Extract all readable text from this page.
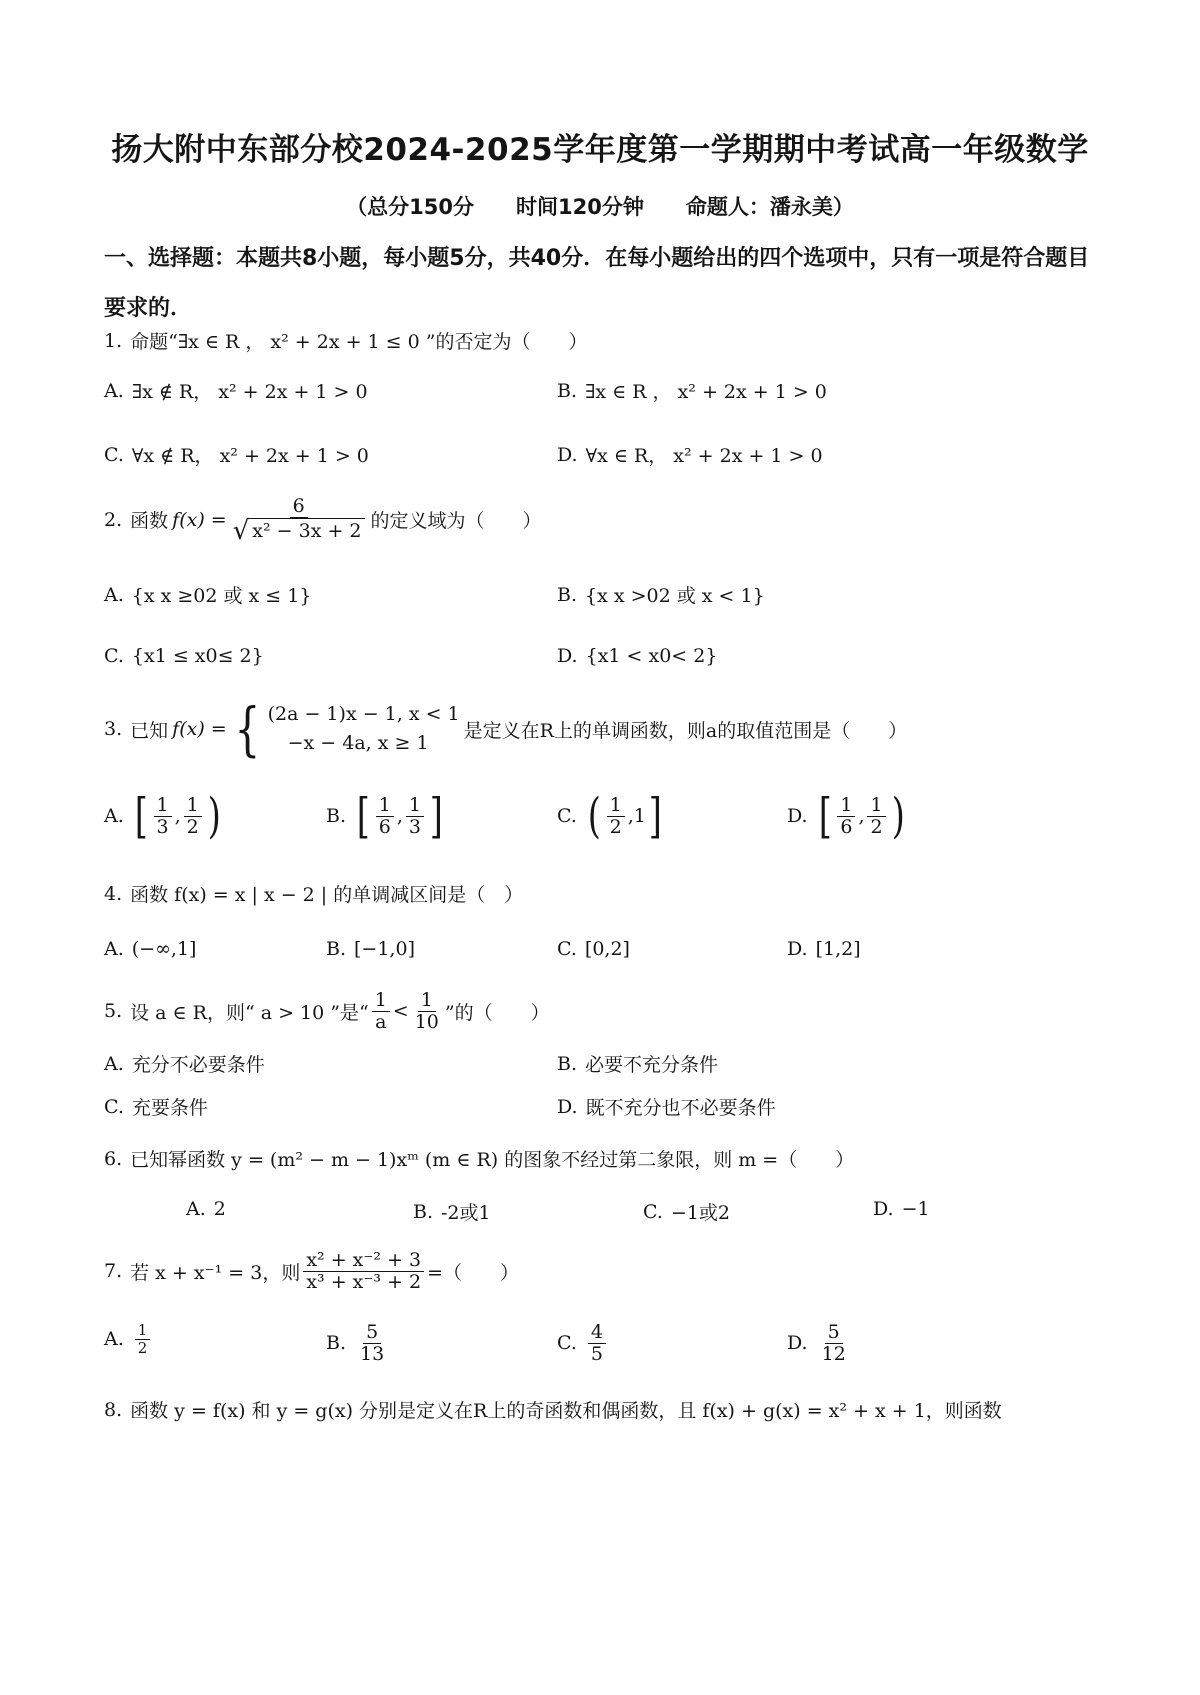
扬大附中东部分校2024-2025学年度第一学期期中考试高一年级数学
（总分150分　　时间120分钟　　命题人：潘永美）
一、选择题：本题共8小题，每小题5分，共40分．在每小题给出的四个选项中，只有一项是符合题目要求的．
1. 命题“∃x ∈ R ， x² + 2x + 1 ≤ 0 ”的否定为（　　）
A. ∃x ∉ R， x² + 2x + 1 > 0	B. ∃x ∈ R ， x² + 2x + 1 > 0
C. ∀x ∉ R， x² + 2x + 1 > 0	D. ∀x ∈ R， x² + 2x + 1 > 0
2. 函数 $f(x) = \frac{6}{\text{√ x² − 3x + 2}}$ 的定义域为（　　）
A. {x x ≥02 或 x ≤ 1}	B. {x x >02 或 x < 1}
C. {x1 ≤ x0≤ 2}	D. {x1 < x0< 2}
3. 已知 f(x) = { (2a − 1)x − 1, x < 1
−x − 4a, x ≥ 1
是定义在R上的单调函数，则a的取值范围是（　　）
A. [ $\frac{1}{3}$ , $\frac{1}{2}$ )	B. [ $\frac{1}{6}$ , $\frac{1}{3}$ ]	C. ( $\frac{1}{2} ,1$ ]	D. [ $\frac{1}{6}$ , $\frac{1}{2}$ )
4. 函数 f(x) = x | x − 2 | 的单调减区间是（　）
A. (−∞,1]	B. [−1,0]	C. [0,2]	D. [1,2]
5. 设 a ∈ R，则“ a > 10 ”是“ $\frac{1}{a} < \frac{1}{10}$ ”的（　　）
A. 充分不必要条件	B. 必要不充分条件
C. 充要条件	D. 既不充分也不必要条件
6. 已知幂函数 y = (m² − m − 1)xᵐ (m ∈ R) 的图象不经过第二象限，则 m =（　　）
A. 2	B. -2或1	C. −1或2	D. −1
7. 若 x + x⁻¹ = 3，则 $\frac{\text{x² + x⁻² + 3}}{\text{x³ + x⁻³ + 2}}$ =（　　）
A. $\frac{1}{2}$	B. $\frac{5}{13}$	C. $\frac{4}{5}$	D. $\frac{5}{12}$
8. 函数 y = f(x) 和 y = g(x) 分别是定义在R上的奇函数和偶函数，且 f(x) + g(x) = x² + x + 1，则函数
